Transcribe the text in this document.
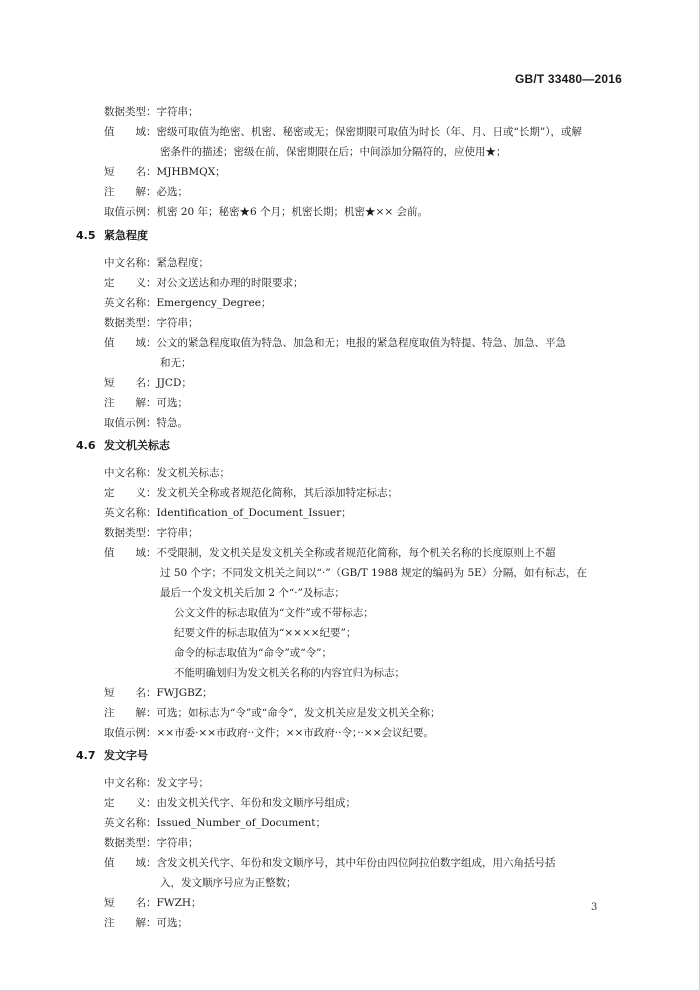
GB/T 33480—2016
数据类型：字符串；
值　　域：密级可取值为绝密、机密、秘密或无；保密期限可取值为时长（年、月、日或“长期”），或解
密条件的描述；密级在前，保密期限在后；中间添加分隔符的，应使用★；
短　　名：MJHBMQX；
注　　解：必选；
取值示例：机密 20 年；秘密★6 个月；机密长期；机密★×× 会前。
4.5 紧急程度
中文名称：紧急程度；
定　　义：对公文送达和办理的时限要求；
英文名称：Emergency_Degree；
数据类型：字符串；
值　　域：公文的紧急程度取值为特急、加急和无；电报的紧急程度取值为特提、特急、加急、平急
和无；
短　　名：JJCD；
注　　解：可选；
取值示例：特急。
4.6 发文机关标志
中文名称：发文机关标志；
定　　义：发文机关全称或者规范化简称，其后添加特定标志；
英文名称：Identification_of_Document_Issuer；
数据类型：字符串；
值　　域：不受限制，发文机关是发文机关全称或者规范化简称，每个机关名称的长度原则上不超
过 50 个字；不同发文机关之间以“·”（GB/T 1988 规定的编码为 5E）分隔，如有标志，在
最后一个发文机关后加 2 个“·”及标志；
公文文件的标志取值为“文件”或不带标志；
纪要文件的标志取值为“××××纪要”；
命令的标志取值为“命令”或“令”；
不能明确划归为发文机关名称的内容宜归为标志；
短　　名：FWJGBZ；
注　　解：可选；如标志为“令”或“命令”，发文机关应是发文机关全称；
取值示例：××市委·××市政府··文件；××市政府··令；··××会议纪要。
4.7 发文字号
中文名称：发文字号；
定　　义：由发文机关代字、年份和发文顺序号组成；
英文名称：Issued_Number_of_Document；
数据类型：字符串；
值　　域：含发文机关代字、年份和发文顺序号，其中年份由四位阿拉伯数字组成，用六角括号括
入，发文顺序号应为正整数；
短　　名：FWZH；
注　　解：可选；
3
